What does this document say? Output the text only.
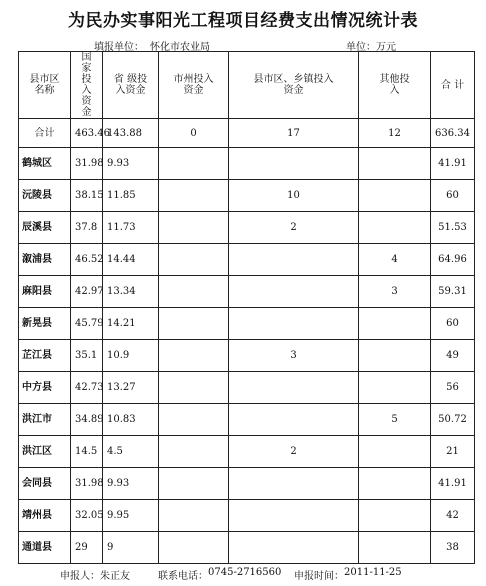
为民办实事阳光工程项目经费支出情况统计表
填报单位： 怀化市农业局	单位： 万元
县市区名称	国家投入资金	省 级投入资金	市州投入资金	县市区、乡镇投入资金	其他投入	合 计
合计	463.46	143.88	0	17	12	636.34
鹤城区	31.98	9.93				41.91
沅陵县	38.15	11.85		10		60
辰溪县	37.8	11.73		2		51.53
溆浦县	46.52	14.44			4	64.96
麻阳县	42.97	13.34			3	59.31
新晃县	45.79	14.21				60
芷江县	35.1	10.9		3		49
中方县	42.73	13.27				56
洪江市	34.89	10.83			5	50.72
洪江区	14.5	4.5		2		21
会同县	31.98	9.93				41.91
靖州县	32.05	9.95				42
通道县	29	9				38
申报人： 朱正友	联系电话： 0745-2716560 申报时间： 2011-11-25
